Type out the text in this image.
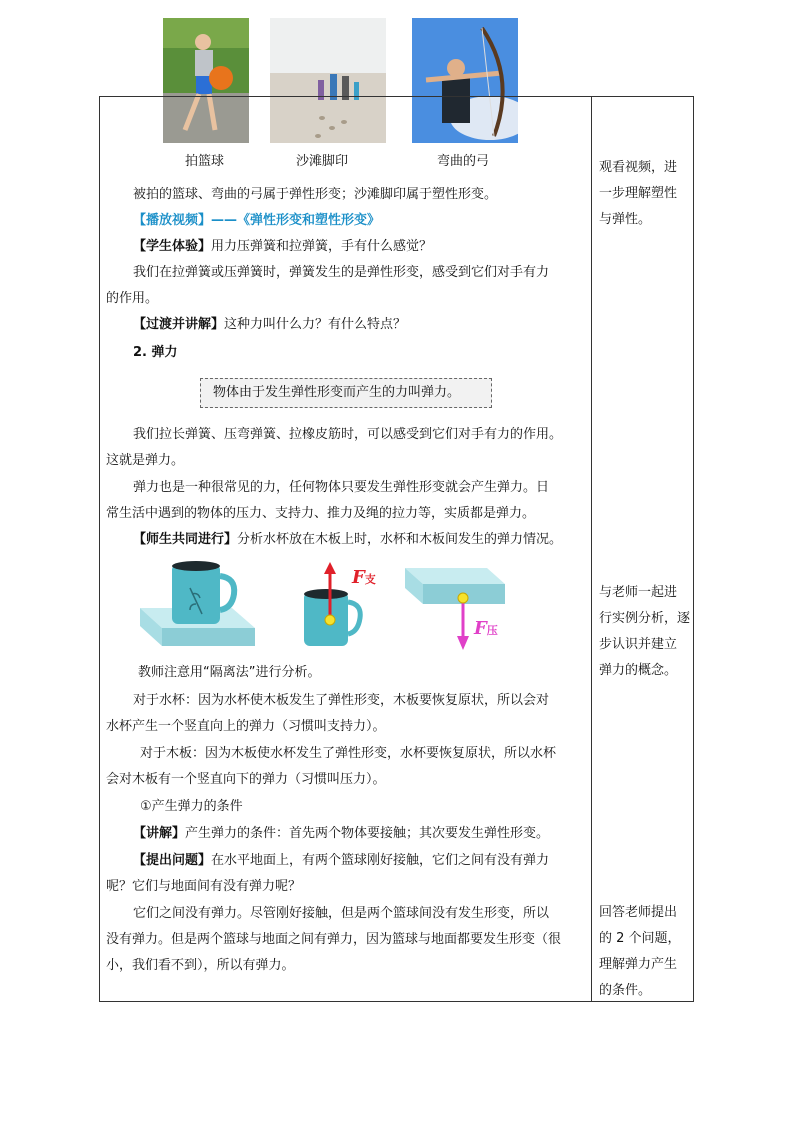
拍篮球	沙滩脚印	弯曲的弓

被拍的篮球、弯曲的弓属于弹性形变；沙滩脚印属于塑性形变。

【播放视频】——《弹性形变和塑性形变》

【学生体验】用力压弹簧和拉弹簧，手有什么感觉？

我们在拉弹簧或压弹簧时，弹簧发生的是弹性形变，感受到它们对手有力

的作用。

【过渡并讲解】这种力叫什么力？有什么特点？

2. 弹力

物体由于发生弹性形变而产生的力叫弹力。

我们拉长弹簧、压弯弹簧、拉橡皮筋时，可以感受到它们对手有力的作用。

这就是弹力。

弹力也是一种很常见的力，任何物体只要发生弹性形变就会产生弹力。日

常生活中遇到的物体的压力、支持力、推力及绳的拉力等，实质都是弹力。

【师生共同进行】分析水杯放在木板上时，水杯和木板间发生的弹力情况。

F支
F压

教师注意用“隔离法”进行分析。

对于水杯：因为水杯使木板发生了弹性形变，木板要恢复原状，所以会对

水杯产生一个竖直向上的弹力（习惯叫支持力）。

对于木板：因为木板使水杯发生了弹性形变，水杯要恢复原状，所以水杯

会对木板有一个竖直向下的弹力（习惯叫压力）。

①产生弹力的条件

【讲解】产生弹力的条件：首先两个物体要接触；其次要发生弹性形变。

【提出问题】在水平地面上，有两个篮球刚好接触，它们之间有没有弹力

呢？它们与地面间有没有弹力呢？

它们之间没有弹力。尽管刚好接触，但是两个篮球间没有发生形变，所以

没有弹力。但是两个篮球与地面之间有弹力，因为篮球与地面都要发生形变（很

小，我们看不到），所以有弹力。

观看视频，进
一步理解塑性
与弹性。
与老师一起进
行实例分析，逐
步认识并建立
弹力的概念。
回答老师提出
的 2 个问题，
理解弹力产生
的条件。
